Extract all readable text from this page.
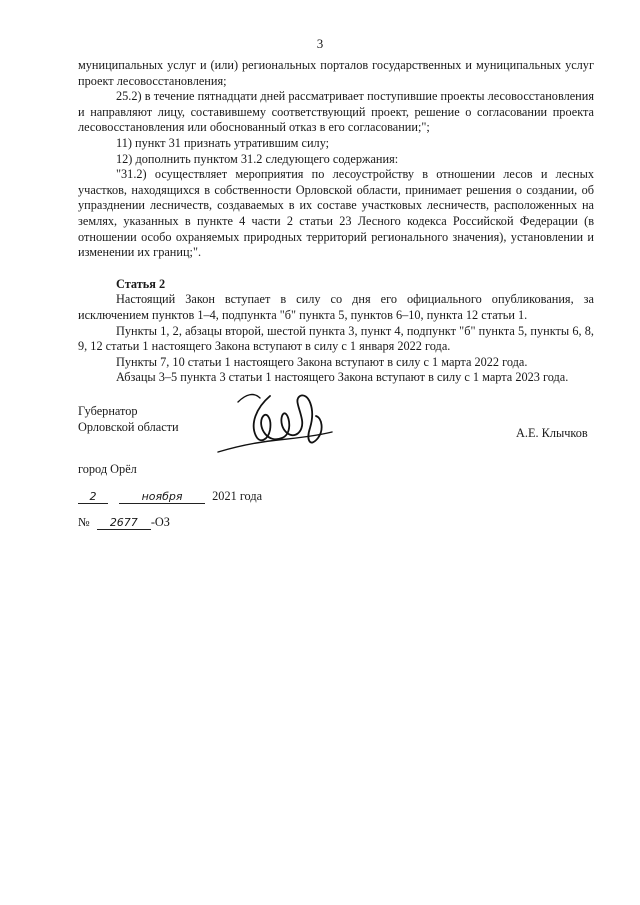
3

муниципальных услуг и (или) региональных порталов государственных и муниципальных услуг проект лесовосстановления;

25.2) в течение пятнадцати дней рассматривает поступившие проекты лесовосстановления и направляют лицу, составившему соответствующий проект, решение о согласовании проекта лесовосстановления или обоснованный отказ в его согласовании;";

11) пункт 31 признать утратившим силу;

12) дополнить пунктом 31.2 следующего содержания:

"31.2) осуществляет мероприятия по лесоустройству в отношении лесов и лесных участков, находящихся в собственности Орловской области, принимает решения о создании, об упразднении лесничеств, создаваемых в их составе участковых лесничеств, расположенных на землях, указанных в пункте 4 части 2 статьи 23 Лесного кодекса Российской Федерации (в отношении особо охраняемых природных территорий регионального значения), установлении и изменении их границ;".

Статья 2

Настоящий Закон вступает в силу со дня его официального опубликования, за исключением пунктов 1–4, подпункта "б" пункта 5, пунктов 6–10, пункта 12 статьи 1.

Пункты 1, 2, абзацы второй, шестой пункта 3, пункт 4, подпункт "б" пункта 5, пункты 6, 8, 9, 12 статьи 1 настоящего Закона вступают в силу с 1 января 2022 года.

Пункты 7, 10 статьи 1 настоящего Закона вступают в силу с 1 марта 2022 года.

Абзацы 3–5 пункта 3 статьи 1 настоящего Закона вступают в силу с 1 марта 2023 года.

Губернатор
Орловской области	А.Е. Клычков
город Орёл
2	ноября 2021 года
№ 2677 -ОЗ
